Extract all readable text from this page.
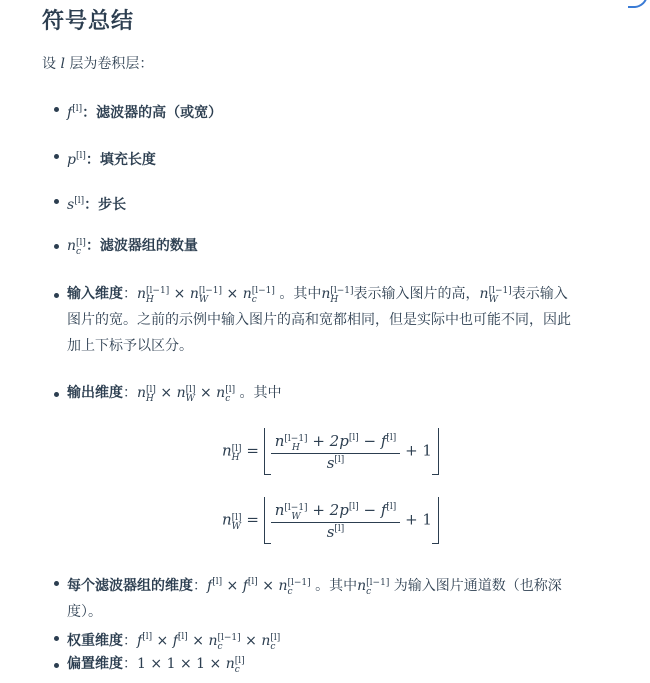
符号总结
设 l 层为卷积层：
f[l]：滤波器的高（或宽）
p[l]：填充长度
s[l]：步长
n [l]
c ：滤波器组的数量
输入维度：n [l−1]
H	× n [l−1]
W	× n [l−1]
c	。其中n [l−1]
H	表示输入图片的高，n [l−1]
W 表示输入
图片的宽。之前的示例中输入图片的高和宽都相同，但是实际中也可能不同，因此
加上下标予以区分。
输出维度：n [l]
H × n [l]
W × n [l]
c 。其中
n [l]
H = n [l−1]
H + 2p[l] − f[l]
s[l] + 1
n [l]
W = n [l−1]
W + 2p[l] − f[l]
s[l] + 1
每个滤波器组的维度：f[l] × f[l] × n [l−1]
c	。其中n [l−1]
c	为输入图片通道数（也称深
度）。
权重维度：f[l] × f[l] × n [l−1]
c	× n [l]
c
偏置维度：1 × 1 × 1 × n [l]
c
